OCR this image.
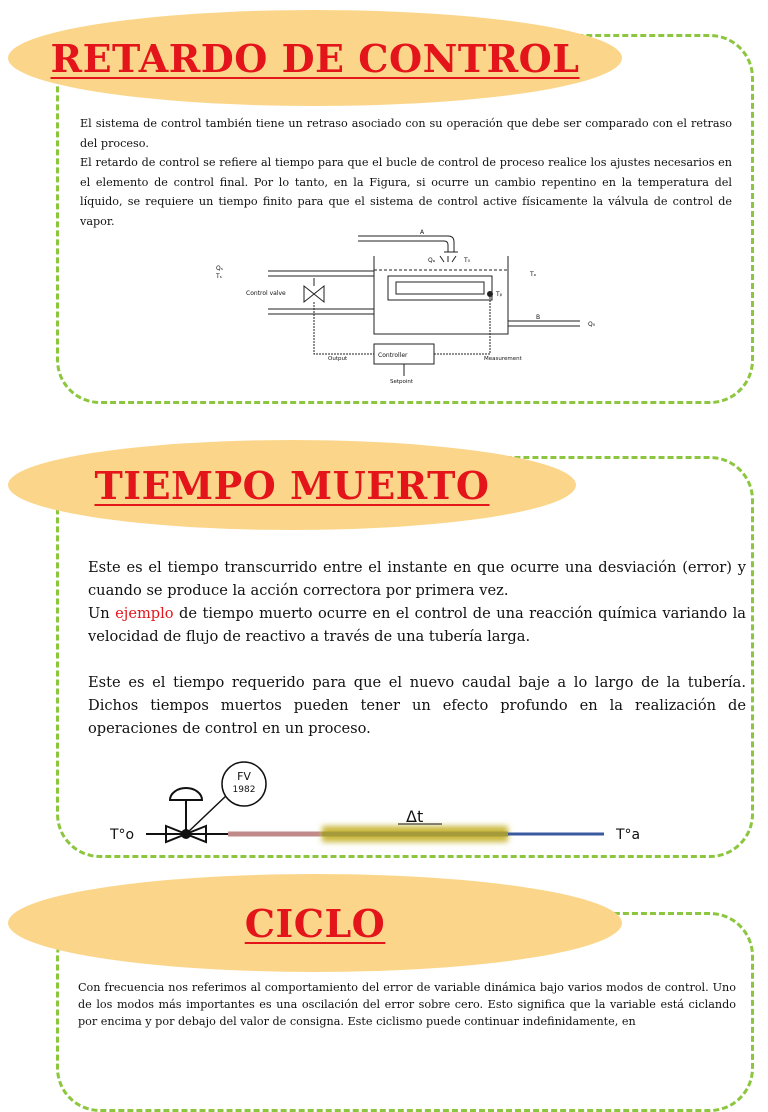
RETARDO DE CONTROL

El sistema de control también tiene un retraso asociado con su operación que debe ser comparado con el retraso del proceso.

El retardo de control se refiere al tiempo para que el bucle de control de proceso realice los ajustes necesarios en el elemento de control final. Por lo tanto, en la Figura, si ocurre un cambio repentino en la temperatura del líquido, se requiere un tiempo finito para que el sistema de control active físicamente la válvula de control de vapor.

Control valve
Controller
Output	Measurement
Setpoint
A
B
Qₐ
Qₛ
Tₛ
T₀
Tₐ
Tᵦ
Q₀
TIEMPO MUERTO

Este es el tiempo transcurrido entre el instante en que ocurre una desviación (error) y cuando se produce la acción correctora por primera vez.

Un ejemplo de tiempo muerto ocurre en el control de una reacción química variando la velocidad de flujo de reactivo a través de una tubería larga.

Este es el tiempo requerido para que el nuevo caudal baje a lo largo de la tubería. Dichos tiempos muertos pueden tener un efecto profundo en la realización de operaciones de control en un proceso.

FV
1982
Δt
T°o	T°a
CICLO

Con frecuencia nos referimos al comportamiento del error de variable dinámica bajo varios modos de control. Uno de los modos más importantes es una oscilación del error sobre cero. Esto significa que la variable está ciclando por encima y por debajo del valor de consigna. Este ciclismo puede continuar indefinidamente, en
